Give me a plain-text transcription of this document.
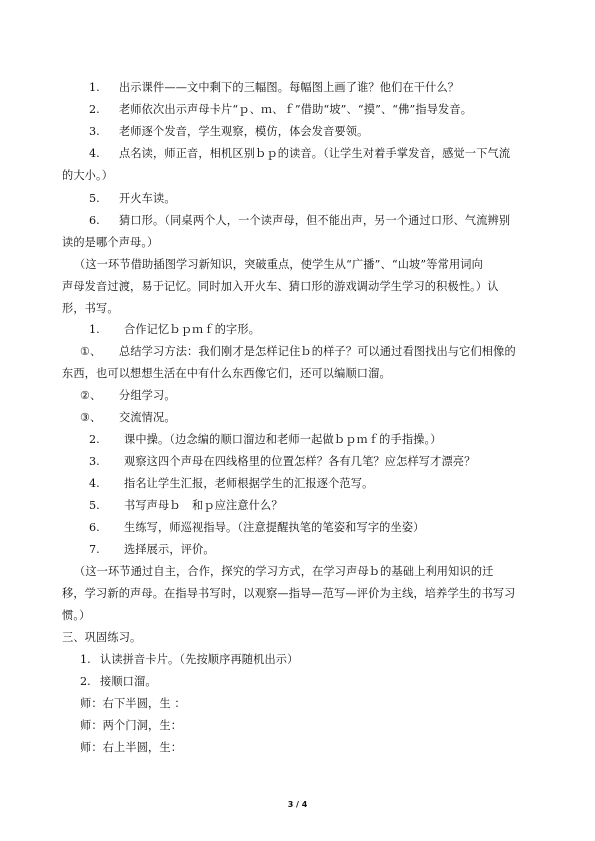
1. 出示课件——文中剩下的三幅图。每幅图上画了谁？他们在干什么？
2. 老师依次出示声母卡片“ｐ、ｍ、ｆ”借助“坡”、“摸”、“佛”指导发音。
3. 老师逐个发音，学生观察，模仿，体会发音要领。
4. 点名读，师正音，相机区别ｂｐ的读音。（让学生对着手掌发音，感觉一下气流
的大小。）
5. 开火车读。
6. 猜口形。（同桌两个人，一个读声母，但不能出声，另一个通过口形、气流辨别
读的是哪个声母。）
（这一环节借助插图学习新知识，突破重点，使学生从“广播”、“山坡”等常用词向
声母发音过渡，易于记忆。同时加入开火车、猜口形的游戏调动学生学习的积极性。）认
形，书写。
1. 合作记忆ｂｐｍｆ的字形。
①、 总结学习方法：我们刚才是怎样记住ｂ的样子？可以通过看图找出与它们相像的
东西，也可以想想生活在中有什么东西像它们，还可以编顺口溜。
②、 分组学习。
③、 交流情况。
2. 课中操。（边念编的顺口溜边和老师一起做ｂｐｍｆ的手指操。）
3. 观察这四个声母在四线格里的位置怎样？各有几笔？应怎样写才漂亮？
4. 指名让学生汇报，老师根据学生的汇报逐个范写。
5. 书写声母ｂ　和ｐ应注意什么？
6. 生练写，师巡视指导。（注意提醒执笔的笔姿和写字的坐姿）
7. 选择展示，评价。
（这一环节通过自主，合作，探究的学习方式，在学习声母ｂ的基础上利用知识的迁
移，学习新的声母。在指导书写时，以观察—指导—范写—评价为主线，培养学生的书写习
惯。）
三、巩固练习。
1. 认读拼音卡片。（先按顺序再随机出示）
2. 接顺口溜。
师：右下半圆，生 ：
师：两个门洞，生：
师：右上半圆，生：
3 / 4
